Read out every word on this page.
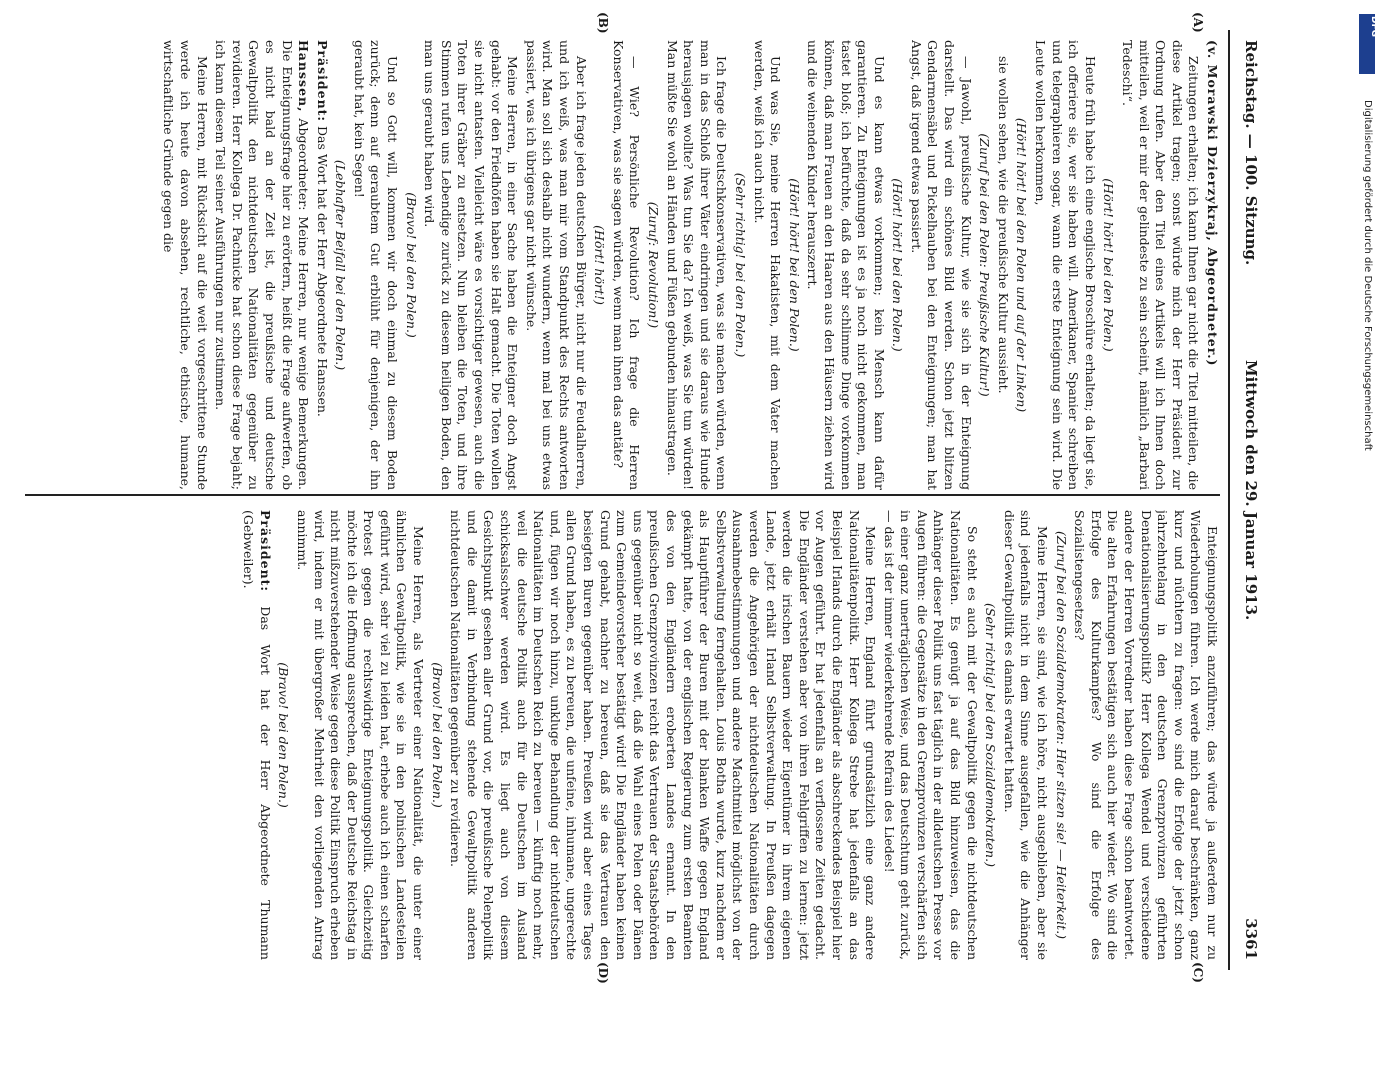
Reichstag. — 100. Sitzung.
Mittwoch den 29. Januar 1913.
3361
(A)
(B)
(C)
(D)

(v. Morawski Dzierzykraj, Abgeordneter.)

Zeitungen erhalten; ich kann Ihnen gar nicht die Titel mitteilen, die diese Artikel tragen; sonst würde mich der Herr Präsident zur Ordnung rufen. Aber den Titel eines Artikels will ich Ihnen doch mitteilen, weil er mir der gelindeste zu sein scheint, nämlich „Barbari Tedeschi“.

(Hört! hört! bei den Polen.)

Heute früh habe ich eine englische Broschüre erhalten; da liegt sie, ich offeriere sie, wer sie haben will. Amerikaner, Spanier schreiben und telegraphieren sogar, wann die erste Enteignung sein wird. Die Leute wollen herkommen,

(Hört! hört! bei den Polen und auf der Linken)

sie wollen sehen, wie die preußische Kultur aussieht.

(Zuruf bei den Polen: Preußische Kultur!)

— Jawohl, preußische Kultur, wie sie sich in der Enteignung darstellt. Das wird ein schönes Bild werden. Schon jetzt blitzen Gendarmensäbel und Pickelhauben bei den Enteignungen; man hat Angst, daß irgend etwas passiert.

(Hört! hört! bei den Polen.)

Und es kann etwas vorkommen; kein Mensch kann dafür garantieren. Zu Enteignungen ist es ja noch nicht gekommen, man tastet bloß; ich befürchte, daß da sehr schlimme Dinge vorkommen können, daß man Frauen an den Haaren aus den Häusern ziehen wird und die weinenden Kinder herauszerrt.

(Hört! hört! bei den Polen.)

Und was Sie, meine Herren Hakatisten, mit dem Vater machen werden, weiß ich auch nicht.

(Sehr richtig! bei den Polen.)

Ich frage die Deutschkonservativen, was sie machen würden, wenn man in das Schloß ihrer Väter eindringen und sie daraus wie Hunde herausjagen wollte? Was tun Sie da? Ich weiß, was Sie tun würden! Man müßte Sie wohl an Händen und Füßen gebunden hinaustragen.

(Zuruf: Revolution!)

— Wie? Persönliche Revolution? Ich frage die Herren Konservativen, was sie sagen würden, wenn man ihnen das antäte?

(Hört! hört!)

Aber ich frage jeden deutschen Bürger, nicht nur die Feudalherren, und ich weiß, was man mir vom Standpunkt des Rechts antworten wird. Man soll sich deshalb nicht wundern, wenn mal bei uns etwas passiert, was ich übrigens gar nicht wünsche.

Meine Herren, in einer Sache haben die Enteigner doch Angst gehabt: vor den Friedhöfen haben sie Halt gemacht. Die Toten wollen sie nicht antasten. Vielleicht wäre es vorsichtiger gewesen, auch die Toten ihrer Gräber zu entsetzen. Nun bleiben die Toten, und ihre Stimmen rufen uns Lebendige zurück zu diesem heiligen Boden, den man uns geraubt haben wird.

(Bravo! bei den Polen.)

Und so Gott will, kommen wir doch einmal zu diesem Boden zurück; denn auf geraubtem Gut erblüht für denjenigen, der ihn geraubt hat, kein Segen!

(Lebhafter Beifall bei den Polen.)

Präsident: Das Wort hat der Herr Abgeordnete Hanssen.

Hanssen, Abgeordneter: Meine Herren, nur wenige Bemerkungen. Die Enteignungsfrage hier zu erörtern, heißt die Frage aufwerfen, ob es nicht bald an der Zeit ist, die preußische und deutsche Gewaltpolitik den nichtdeutschen Nationalitäten gegenüber zu revidieren. Herr Kollega Dr. Pachnicke hat schon diese Frage bejaht; ich kann diesem Teil seiner Ausführungen nur zustimmen.

Meine Herren, mit Rücksicht auf die weit vorgeschrittene Stunde werde ich heute davon absehen, rechtliche, ethische, humane, wirtschaftliche Gründe gegen die

Enteignungspolitik anzuführen; das würde ja außerdem nur zu Wiederholungen führen. Ich werde mich darauf beschränken, ganz kurz und nüchtern zu fragen: wo sind die Erfolge der jetzt schon jahrzehntelang in den deutschen Grenzprovinzen geführten Denationalisierungspolitik? Herr Kollega Wendel und verschiedene andere der Herren Vorredner haben diese Frage schon beantwortet. Die alten Erfahrungen bestätigen sich auch hier wieder. Wo sind die Erfolge des Kulturkampfes? Wo sind die Erfolge des Sozialistengesetzes?

(Zuruf bei den Sozialdemokraten: Hier sitzen sie! — Heiterkeit.)

Meine Herren, sie sind, wie ich höre, nicht ausgeblieben, aber sie sind jedenfalls nicht in dem Sinne ausgefallen, wie die Anhänger dieser Gewaltpolitik es damals erwartet hatten.

(Sehr richtig! bei den Sozialdemokraten.)

So steht es auch mit der Gewaltpolitik gegen die nichtdeutschen Nationalitäten. Es genügt ja auf das Bild hinzuweisen, das die Anhänger dieser Politik uns fast täglich in der alldeutschen Presse vor Augen führen: die Gegensätze in den Grenzprovinzen verschärfen sich in einer ganz unerträglichen Weise, und das Deutschtum geht zurück, — das ist der immer wiederkehrende Refrain des Liedes!

Meine Herren, England führt grundsätzlich eine ganz andere Nationalitätenpolitik. Herr Kollega Strebe hat jedenfalls an das Beispiel Irlands durch die Engländer als abschreckendes Beispiel hier vor Augen geführt. Er hat jedenfalls an verflossene Zeiten gedacht. Die Engländer verstehen aber von ihren Fehlgriffen zu lernen: jetzt werden die irischen Bauern wieder Eigentümer in ihrem eigenen Lande, jetzt erhält Irland Selbstverwaltung. In Preußen dagegen werden die Angehörigen der nichtdeutschen Nationalitäten durch Ausnahmebestimmungen und andere Machtmittel möglichst von der Selbstverwaltung ferngehalten. Louis Botha wurde, kurz nachdem er als Hauptführer der Buren mit der blanken Waffe gegen England gekämpft hatte, von der englischen Regierung zum ersten Beamten des von den Engländern eroberten Landes ernannt. In den preußischen Grenzprovinzen reicht das Vertrauen der Staatsbehörden uns gegenüber nicht so weit, daß die Wahl eines Polen oder Dänen zum Gemeindevorsteher bestätigt wird! Die Engländer haben keinen Grund gehabt, nachher zu bereuen, daß sie das Vertrauen den besiegten Buren gegenüber haben. Preußen wird aber eines Tages allen Grund haben, es zu bereuen, die unfeine, inhumane, ungerechte und, fügen wir noch hinzu, unkluge Behandlung der nichtdeutschen Nationalitäten im Deutschen Reich zu bereuen — künftig noch mehr, weil die deutsche Politik auch für die Deutschen im Ausland schicksalsschwer werden wird. Es liegt auch von diesem Gesichtspunkt gesehen aller Grund vor, die preußische Polenpolitik und die damit in Verbindung stehende Gewaltpolitik anderen nichtdeutschen Nationalitäten gegenüber zu revidieren.

(Bravo! bei den Polen.)

Meine Herren, als Vertreter einer Nationalität, die unter einer ähnlichen Gewaltpolitik, wie sie in den polnischen Landesteilen geführt wird, sehr viel zu leiden hat, erhebe auch ich einen scharfen Protest gegen die rechtswidrige Enteignungspolitik. Gleichzeitig möchte ich die Hoffnung aussprechen, daß der Deutsche Reichstag in nicht mißzuverstehender Weise gegen diese Politik Einspruch erheben wird, indem er mit übergroßer Mehrheit den vorliegenden Antrag annimmt.

(Bravo! bei den Polen.)

Präsident: Das Wort hat der Herr Abgeordnete Thumann (Gebweiler).

DFG
Digitalisierung gefördert durch die Deutsche Forschungsgemeinschaft
